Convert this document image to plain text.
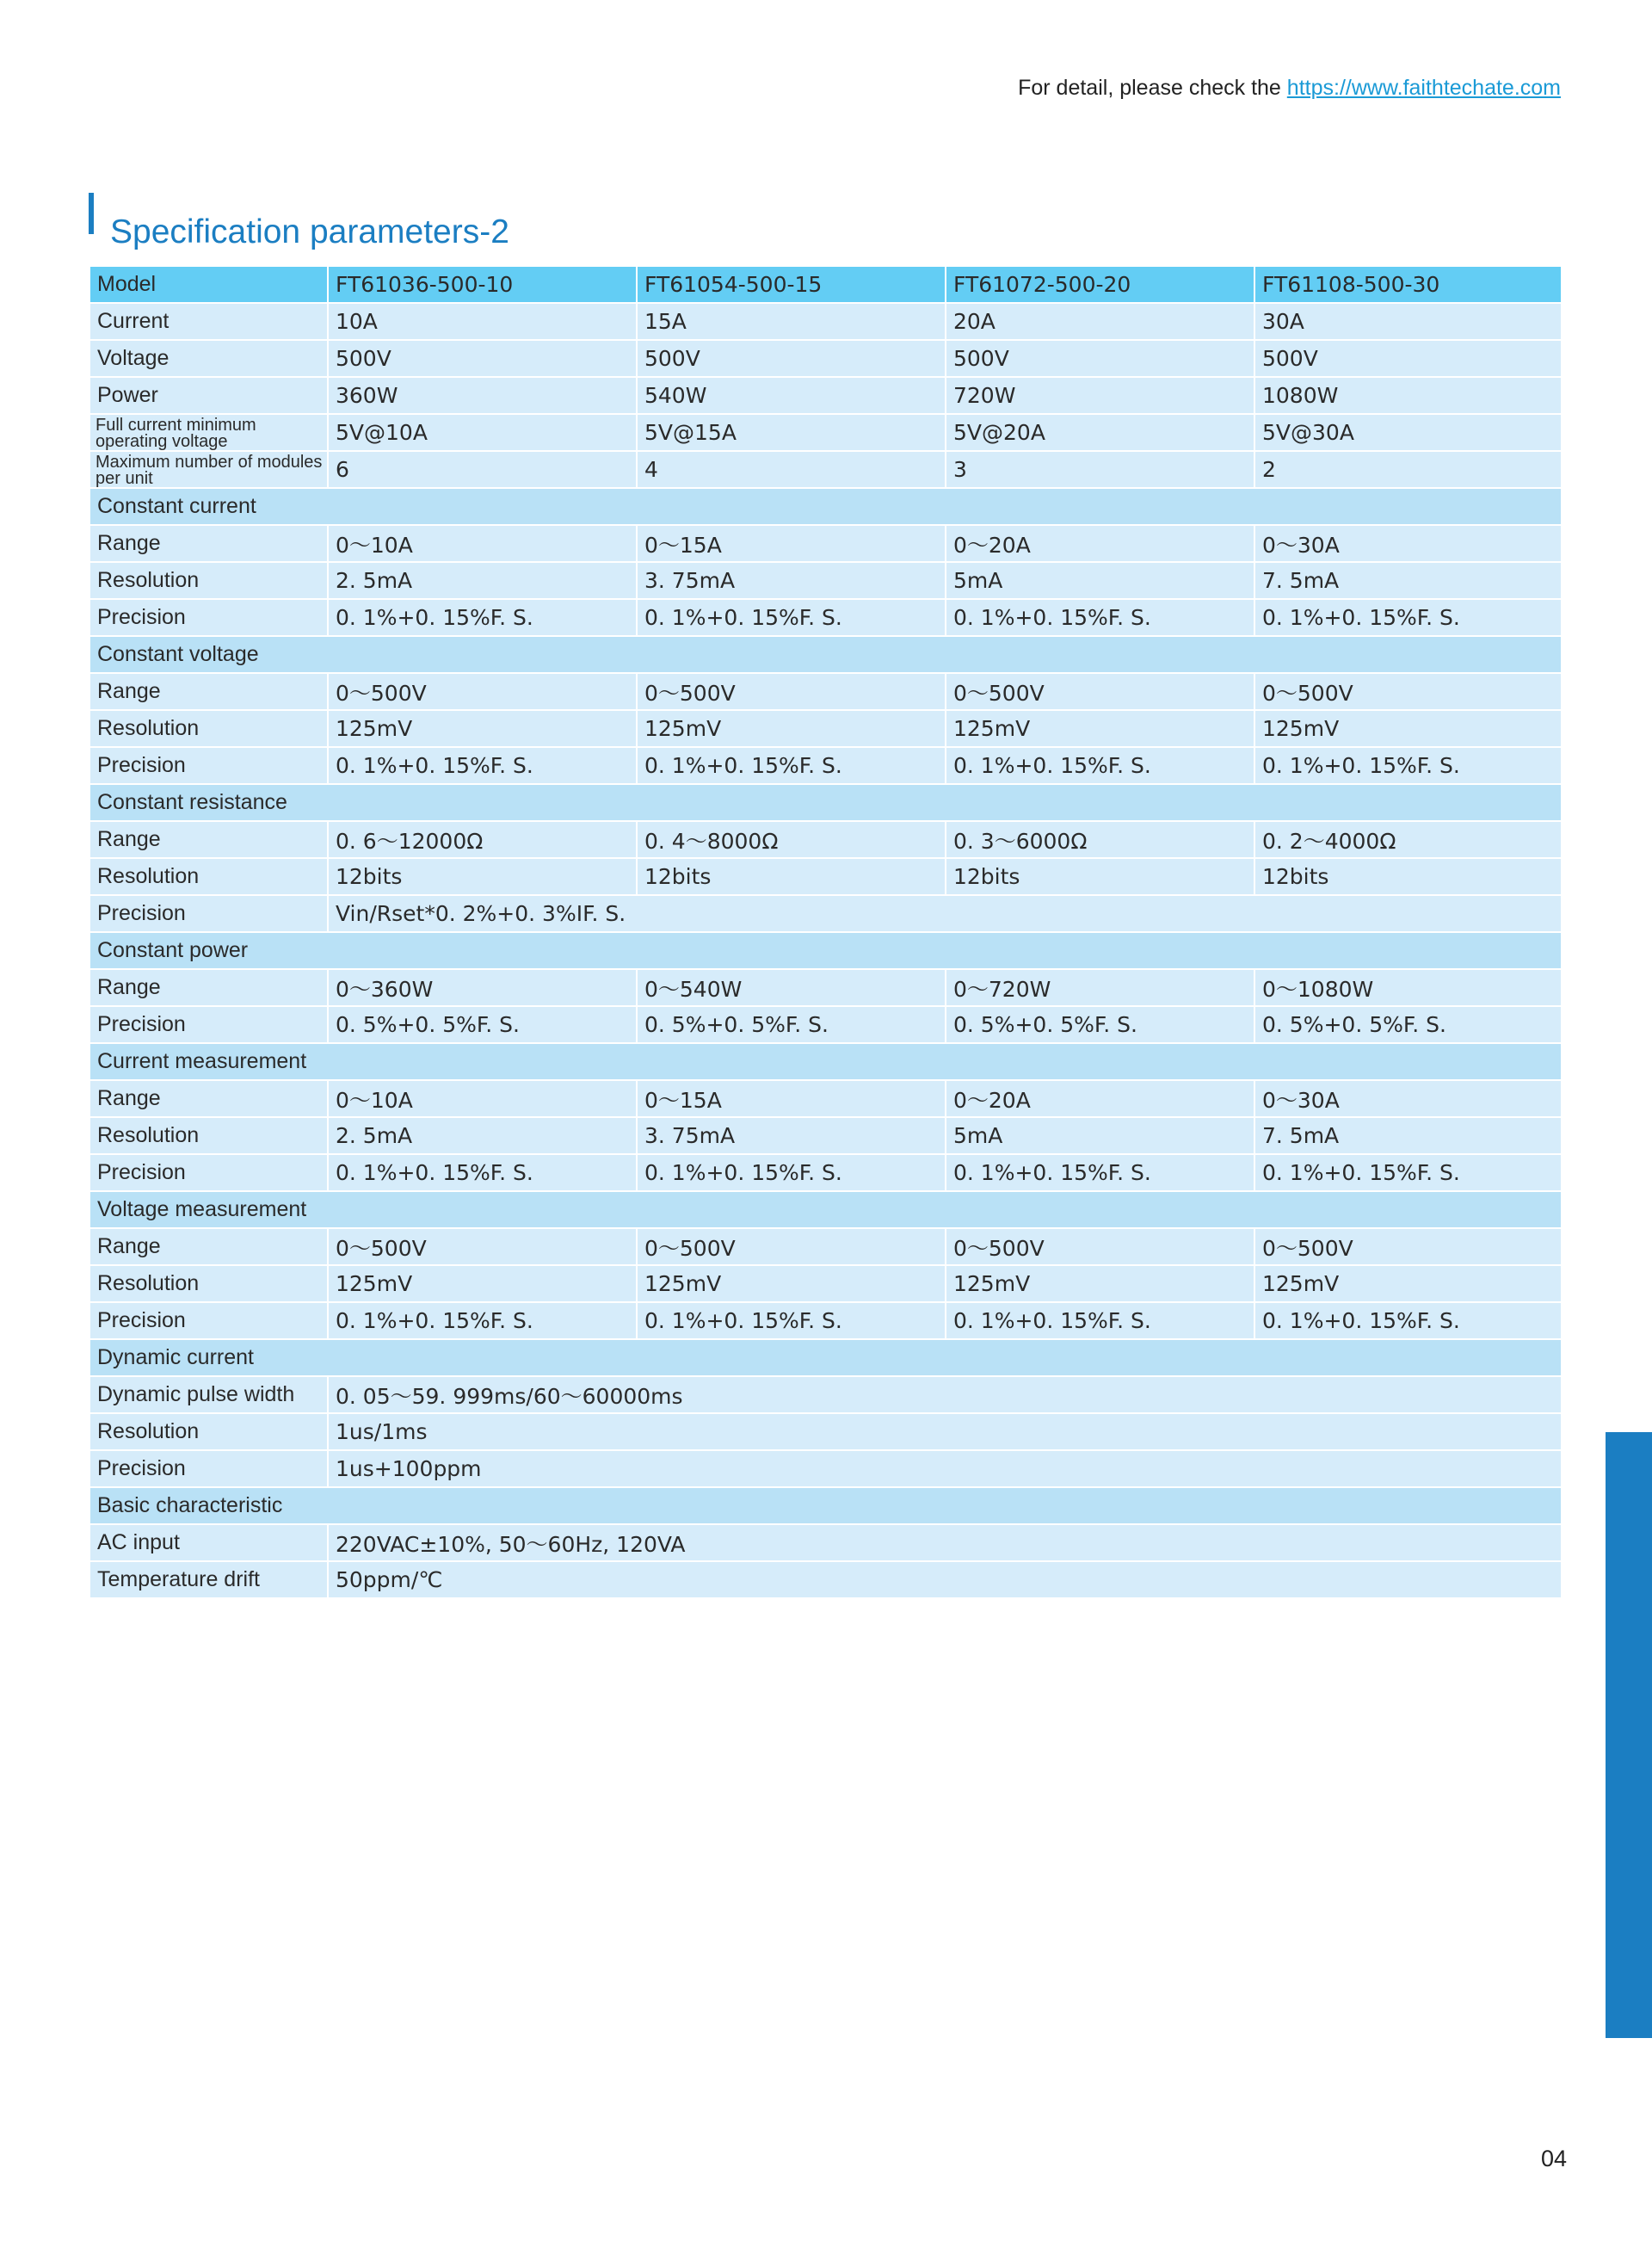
For detail, please check the https://www.faithtechate.com
Specification parameters-2
Model	FT61036-500-10	FT61054-500-15	FT61072-500-20	FT61108-500-30
Current	10A	15A	20A	30A
Voltage	500V	500V	500V	500V
Power	360W	540W	720W	1080W
Full current minimum operating voltage	5V@10A	5V@15A	5V@20A	5V@30A
Maximum number of modules per unit	6	4	3	2
Constant current				
Range	0～10A	0～15A	0～20A	0～30A
Resolution	2. 5mA	3. 75mA	5mA	7. 5mA
Precision	0. 1%+0. 15%F. S.	0. 1%+0. 15%F. S.	0. 1%+0. 15%F. S.	0. 1%+0. 15%F. S.
Constant voltage				
Range	0～500V	0～500V	0～500V	0～500V
Resolution	125mV	125mV	125mV	125mV
Precision	0. 1%+0. 15%F. S.	0. 1%+0. 15%F. S.	0. 1%+0. 15%F. S.	0. 1%+0. 15%F. S.
Constant resistance				
Range	0. 6～12000Ω	0. 4～8000Ω	0. 3～6000Ω	0. 2～4000Ω
Resolution	12bits	12bits	12bits	12bits
Precision	Vin/Rset*0. 2%+0. 3%IF. S.			
Constant power				
Range	0～360W	0～540W	0～720W	0～1080W
Precision	0. 5%+0. 5%F. S.	0. 5%+0. 5%F. S.	0. 5%+0. 5%F. S.	0. 5%+0. 5%F. S.
Current measurement				
Range	0～10A	0～15A	0～20A	0～30A
Resolution	2. 5mA	3. 75mA	5mA	7. 5mA
Precision	0. 1%+0. 15%F. S.	0. 1%+0. 15%F. S.	0. 1%+0. 15%F. S.	0. 1%+0. 15%F. S.
Voltage measurement				
Range	0～500V	0～500V	0～500V	0～500V
Resolution	125mV	125mV	125mV	125mV
Precision	0. 1%+0. 15%F. S.	0. 1%+0. 15%F. S.	0. 1%+0. 15%F. S.	0. 1%+0. 15%F. S.
Dynamic current				
Dynamic pulse width	0. 05～59. 999ms/60～60000ms			
Resolution	1us/1ms			
Precision	1us+100ppm			
Basic characteristic				
AC input	220VAC±10%, 50～60Hz, 120VA			
Temperature drift	50ppm/℃			
04
